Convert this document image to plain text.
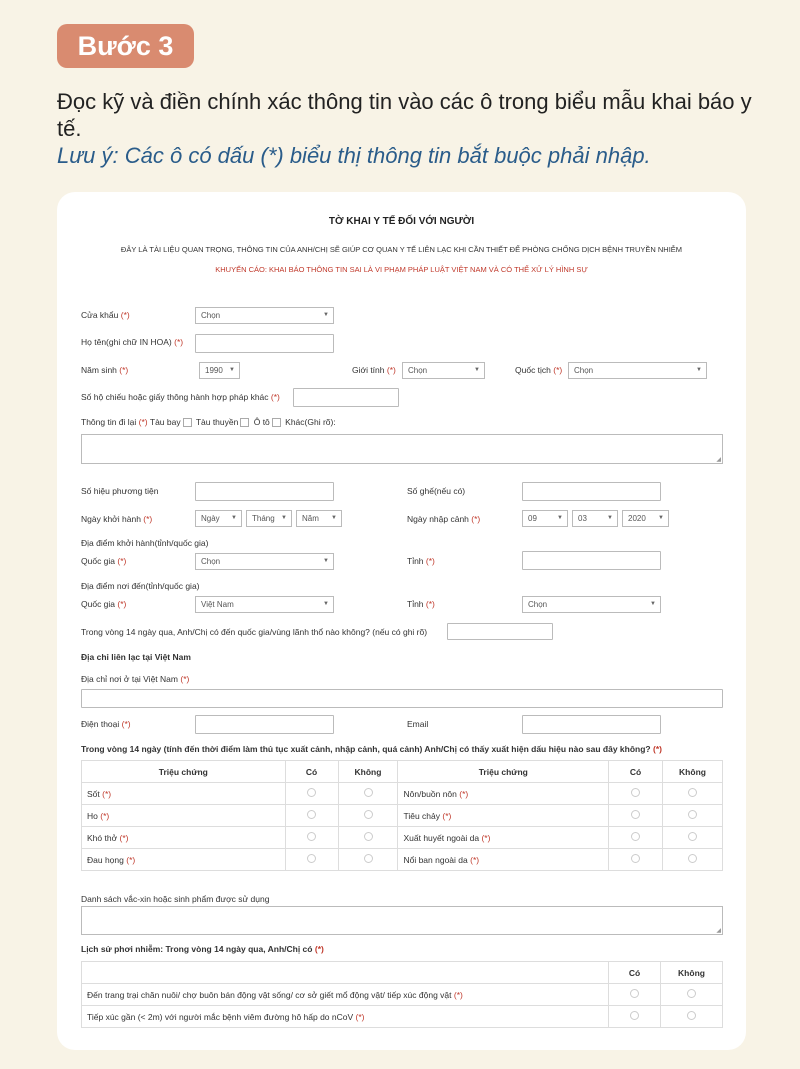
Bước 3
Đọc kỹ và điền chính xác thông tin vào các ô trong biểu mẫu khai báo y tế.
Lưu ý: Các ô có dấu (*) biểu thị thông tin bắt buộc phải nhập.
TỜ KHAI Y TẾ ĐỐI VỚI NGƯỜI
ĐÂY LÀ TÀI LIỆU QUAN TRỌNG, THÔNG TIN CỦA ANH/CHỊ SẼ GIÚP CƠ QUAN Y TẾ LIÊN LẠC KHI CẦN THIẾT ĐỂ PHÒNG CHỐNG DỊCH BỆNH TRUYỀN NHIỄM
KHUYẾN CÁO: KHAI BÁO THÔNG TIN SAI LÀ VI PHẠM PHÁP LUẬT VIỆT NAM VÀ CÓ THỂ XỬ LÝ HÌNH SỰ
Cửa khẩu (*)	Chọn	▼
Họ tên(ghi chữ IN HOA) (*)
Năm sinh (*)	1990 ▼	Giới tính (*)	Chọn	▼	Quốc tịch (*)	Chọn	▼
Số hộ chiếu hoặc giấy thông hành hợp pháp khác (*)
Thông tin đi lại (*) Tàu bay Tàu thuyền Ô tô Khác(Ghi rõ):
◢
Số hiệu phương tiện	Số ghế(nếu có)
Ngày khởi hành (*)	Ngày ▼	Tháng ▼	Năm ▼	Ngày nhập cảnh (*)	09	▼	03	▼	2020 ▼
Địa điểm khởi hành(tỉnh/quốc gia)
Quốc gia (*)	Chọn	▼	Tỉnh (*)
Địa điểm nơi đến(tỉnh/quốc gia)
Quốc gia (*)	Việt Nam	▼	Tỉnh (*)	Chọn	▼
Trong vòng 14 ngày qua, Anh/Chị có đến quốc gia/vùng lãnh thổ nào không? (nếu có ghi rõ)
Địa chỉ liên lạc tại Việt Nam
Địa chỉ nơi ở tại Việt Nam (*)
Điện thoại (*)	Email
Trong vòng 14 ngày (tính đến thời điểm làm thủ tục xuất cảnh, nhập cảnh, quá cảnh) Anh/Chị có thấy xuất hiện dấu hiệu nào sau đây không? (*)
Triệu chứng	Có	Không	Triệu chứng	Có	Không
Sốt (*)			Nôn/buồn nôn (*)		
Ho (*)			Tiêu chảy (*)		
Khó thở (*)			Xuất huyết ngoài da (*)		
Đau họng (*)			Nổi ban ngoài da (*)		
Danh sách vắc-xin hoặc sinh phẩm được sử dụng
◢
Lịch sử phơi nhiễm: Trong vòng 14 ngày qua, Anh/Chị có (*)
	Có	Không
Đến trang trại chăn nuôi/ chợ buôn bán động vật sống/ cơ sở giết mổ động vật/ tiếp xúc động vật (*)		
Tiếp xúc gần (< 2m) với người mắc bệnh viêm đường hô hấp do nCoV (*)		
